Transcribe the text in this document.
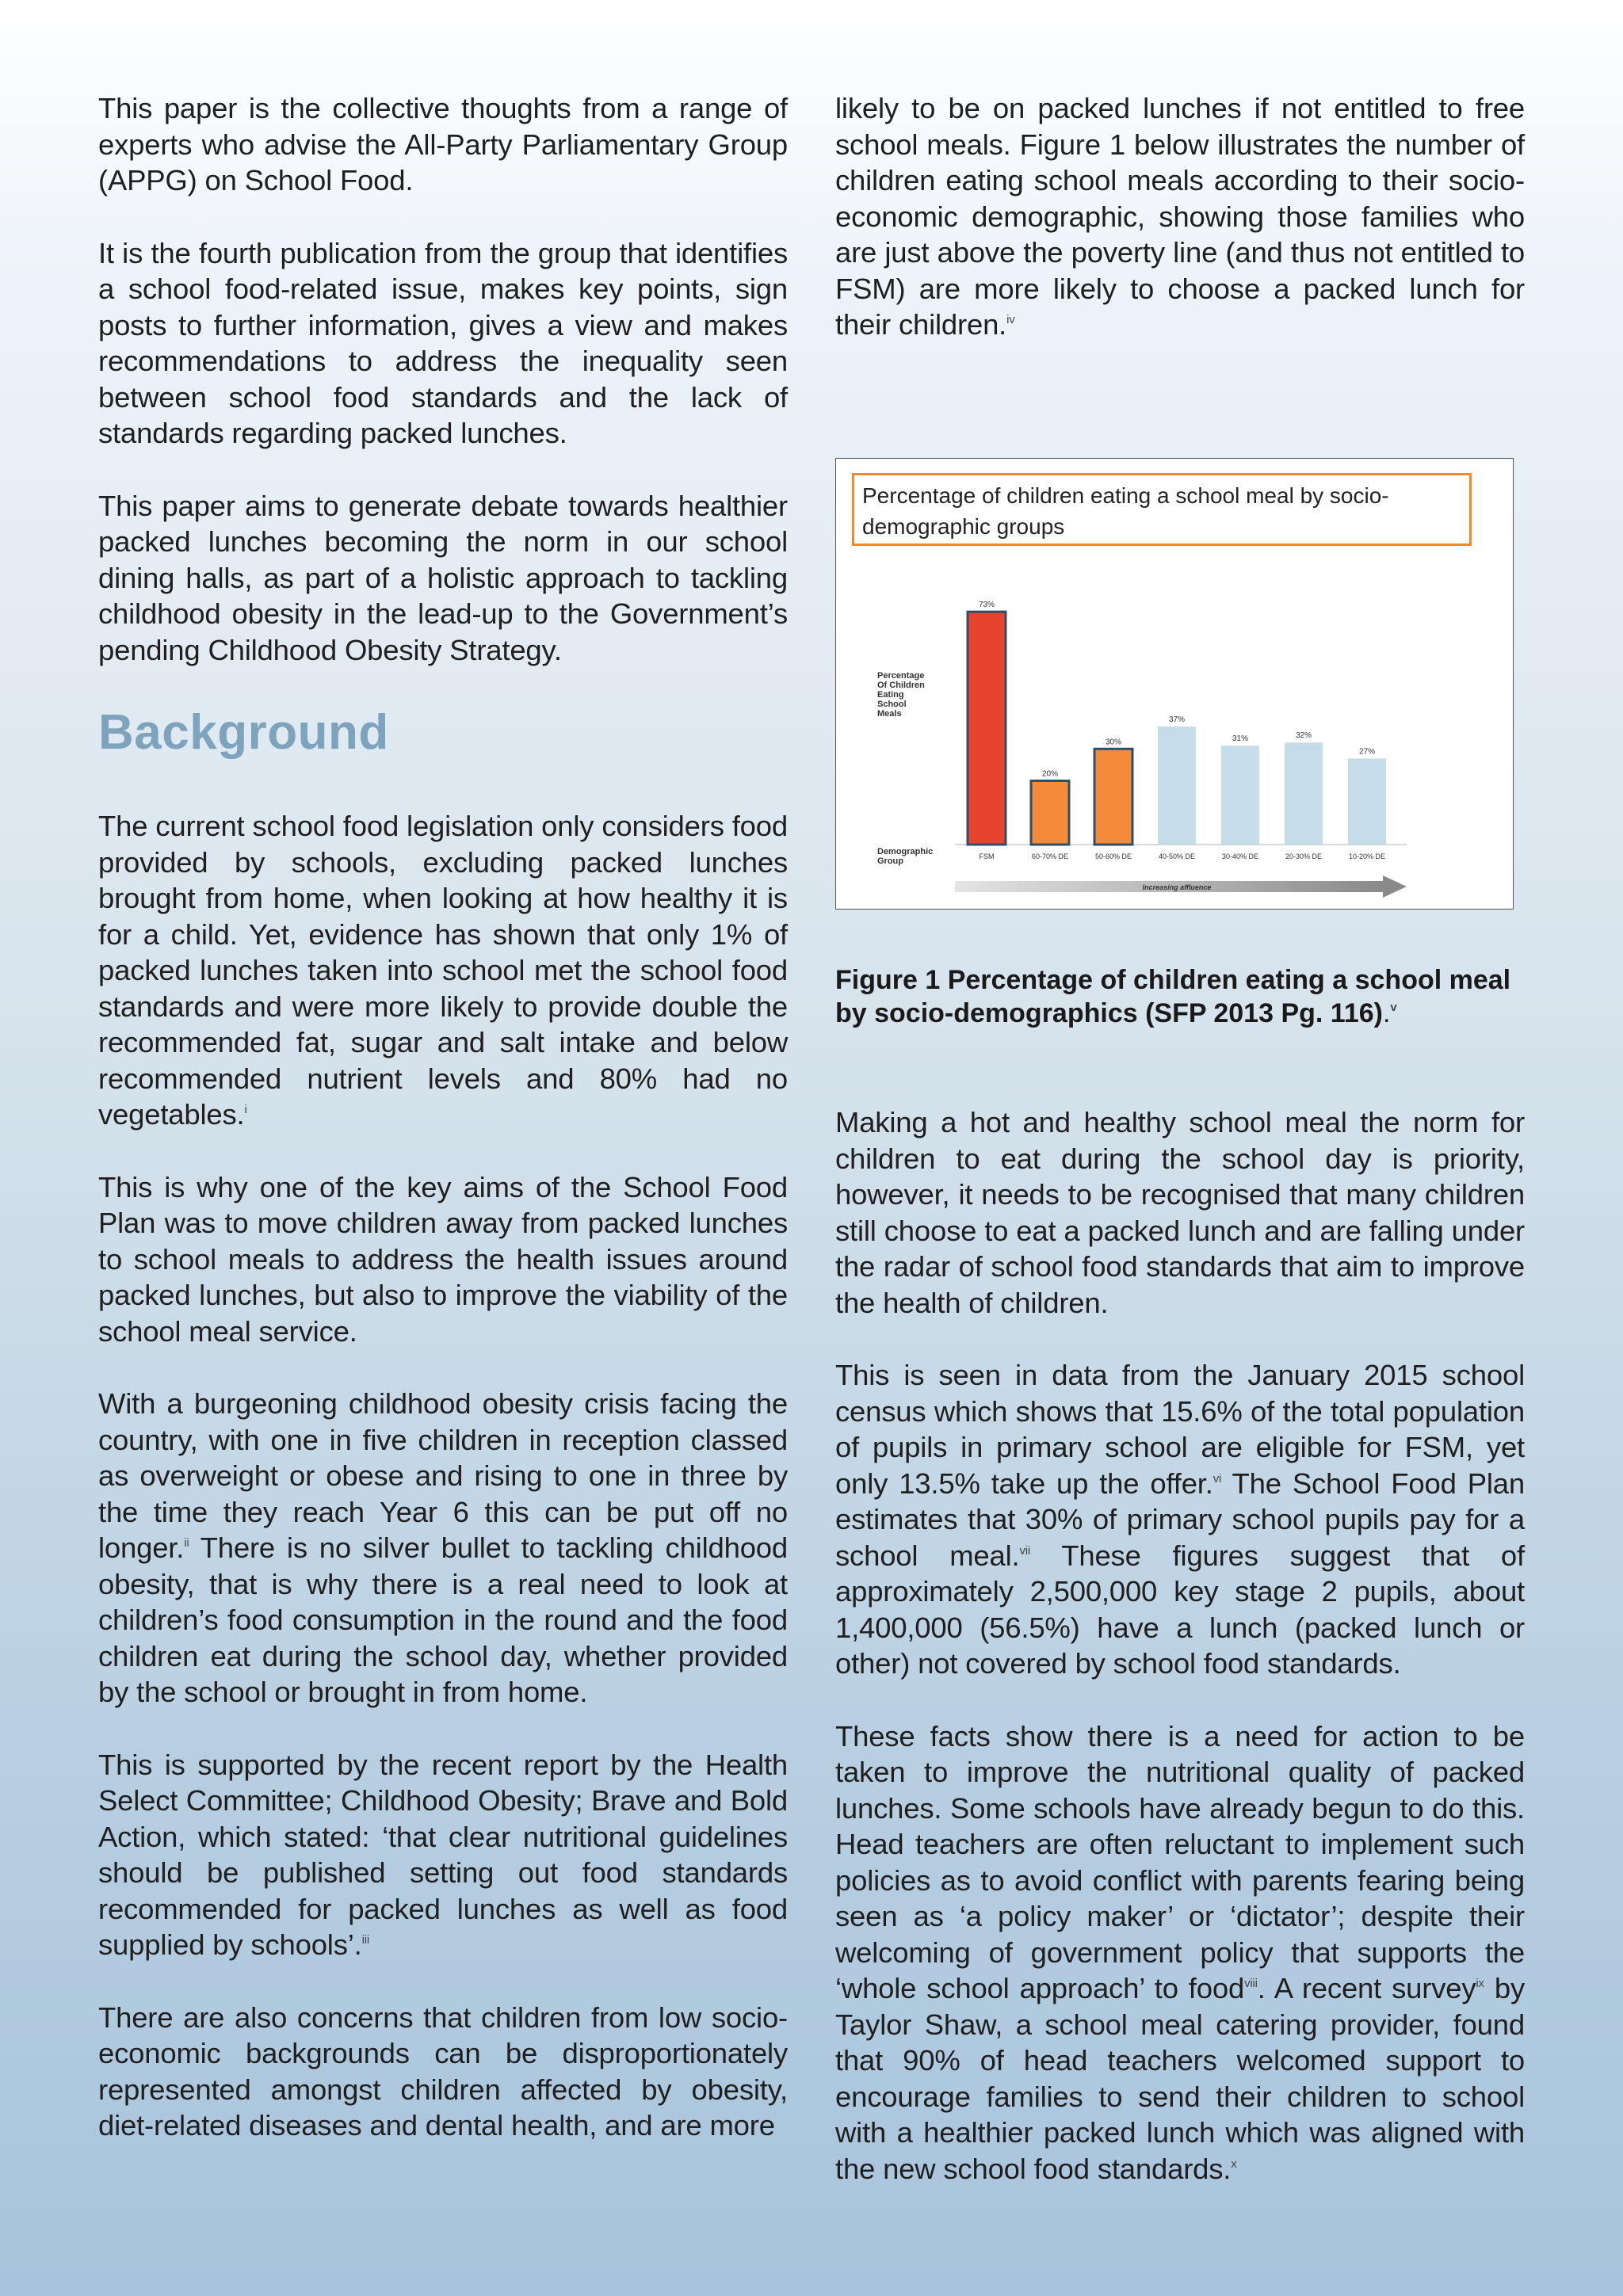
This paper is the collective thoughts from a range of experts who advise the All-Party Parliamentary Group (APPG) on School Food.

It is the fourth publication from the group that identifies a school food-related issue, makes key points, sign posts to further information, gives a view and makes recommendations to address the inequality seen between school food standards and the lack of standards regarding packed lunches.

This paper aims to generate debate towards healthier packed lunches becoming the norm in our school dining halls, as part of a holistic approach to tackling childhood obesity in the lead-up to the Government’s pending Childhood Obesity Strategy.

Background

The current school food legislation only considers food provided by schools, excluding packed lunches brought from home, when looking at how healthy it is for a child. Yet, evidence has shown that only 1% of packed lunches taken into school met the school food standards and were more likely to provide double the recommended fat, sugar and salt intake and below recommended nutrient levels and 80% had no vegetables.$^i$

This is why one of the key aims of the School Food Plan was to move children away from packed lunches to school meals to address the health issues around packed lunches, but also to improve the viability of the school meal service.

With a burgeoning childhood obesity crisis facing the country, with one in five children in reception classed as overweight or obese and rising to one in three by the time they reach Year 6 this can be put off no longer.$^{ii}$ There is no silver bullet to tackling childhood obesity, that is why there is a real need to look at children’s food consumption in the round and the food children eat during the school day, whether provided by the school or brought in from home.

This is supported by the recent report by the Health Select Committee; Childhood Obesity; Brave and Bold Action, which stated: ‘that clear nutritional guidelines should be published setting out food standards recommended for packed lunches as well as food supplied by schools’.$^{iii}$

There are also concerns that children from low socio-economic backgrounds can be disproportionately represented amongst children affected by obesity, diet-related diseases and dental health, and are more

likely to be on packed lunches if not entitled to free school meals. Figure 1 below illustrates the number of children eating school meals according to their socio-economic demographic, showing those families who are just above the poverty line (and thus not entitled to FSM) are more likely to choose a packed lunch for their children.$^{iv}$

Percentage of children eating a school meal by socio-demographic groups
Percentage Of Children Eating School Meals
Demographic Group
73%
FSM
20%
60-70% DE
30%
50-60% DE
37%
40-50% DE
31%
30-40% DE
32%
20-30% DE
27%
10-20% DE
Increasing affluence
Figure 1 Percentage of children eating a school meal by socio-demographics (SFP 2013 Pg. 116).$^v$

Making a hot and healthy school meal the norm for children to eat during the school day is priority, however, it needs to be recognised that many children still choose to eat a packed lunch and are falling under the radar of school food standards that aim to improve the health of children.

This is seen in data from the January 2015 school census which shows that 15.6% of the total population of pupils in primary school are eligible for FSM, yet only 13.5% take up the offer.$^{vi}$ The School Food Plan estimates that 30% of primary school pupils pay for a school meal.$^{vii}$ These figures suggest that of approximately 2,500,000 key stage 2 pupils, about 1,400,000 (56.5%) have a lunch (packed lunch or other) not covered by school food standards.

These facts show there is a need for action to be taken to improve the nutritional quality of packed lunches. Some schools have already begun to do this. Head teachers are often reluctant to implement such policies as to avoid conflict with parents fearing being seen as ‘a policy maker’ or ‘dictator’; despite their welcoming of government policy that supports the ‘whole school approach’ to food$^{viii}$. A recent survey$^{ix}$ by Taylor Shaw, a school meal catering provider, found that 90% of head teachers welcomed support to encourage families to send their children to school with a healthier packed lunch which was aligned with the new school food standards.$^x$
